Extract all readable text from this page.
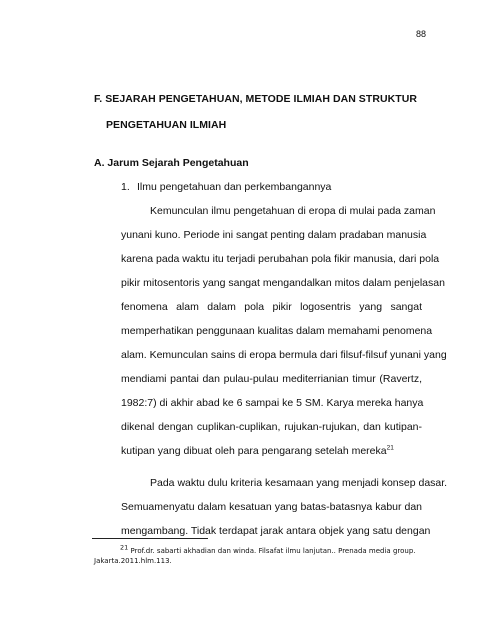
88
F. SEJARAH PENGETAHUAN, METODE ILMIAH DAN STRUKTUR
PENGETAHUAN ILMIAH
A. Jarum Sejarah Pengetahuan
1. Ilmu pengetahuan dan perkembangannya
Kemunculan ilmu pengetahuan di eropa di mulai pada zaman
yunani kuno. Periode ini sangat penting dalam pradaban manusia
karena pada waktu itu terjadi perubahan pola fikir manusia, dari pola
pikir mitosentoris yang sangat mengandalkan mitos dalam penjelasan
fenomena alam dalam pola pikir logosentris yang sangat
memperhatikan penggunaan kualitas dalam memahami penomena
alam. Kemunculan sains di eropa bermula dari filsuf-filsuf yunani yang
mendiami pantai dan pulau-pulau mediterrianian timur (Ravertz,
1982:7) di akhir abad ke 6 sampai ke 5 SM. Karya mereka hanya
dikenal dengan cuplikan-cuplikan, rujukan-rujukan, dan kutipan-
kutipan yang dibuat oleh para pengarang setelah mereka$^{21}$
Pada waktu dulu kriteria kesamaan yang menjadi konsep dasar.
Semuamenyatu dalam kesatuan yang batas-batasnya kabur dan
mengambang. Tidak terdapat jarak antara objek yang satu dengan
$^{21}$ Prof.dr. sabarti akhadian dan winda. Filsafat ilmu lanjutan.. Prenada media group.
Jakarta.2011.hlm.113.
